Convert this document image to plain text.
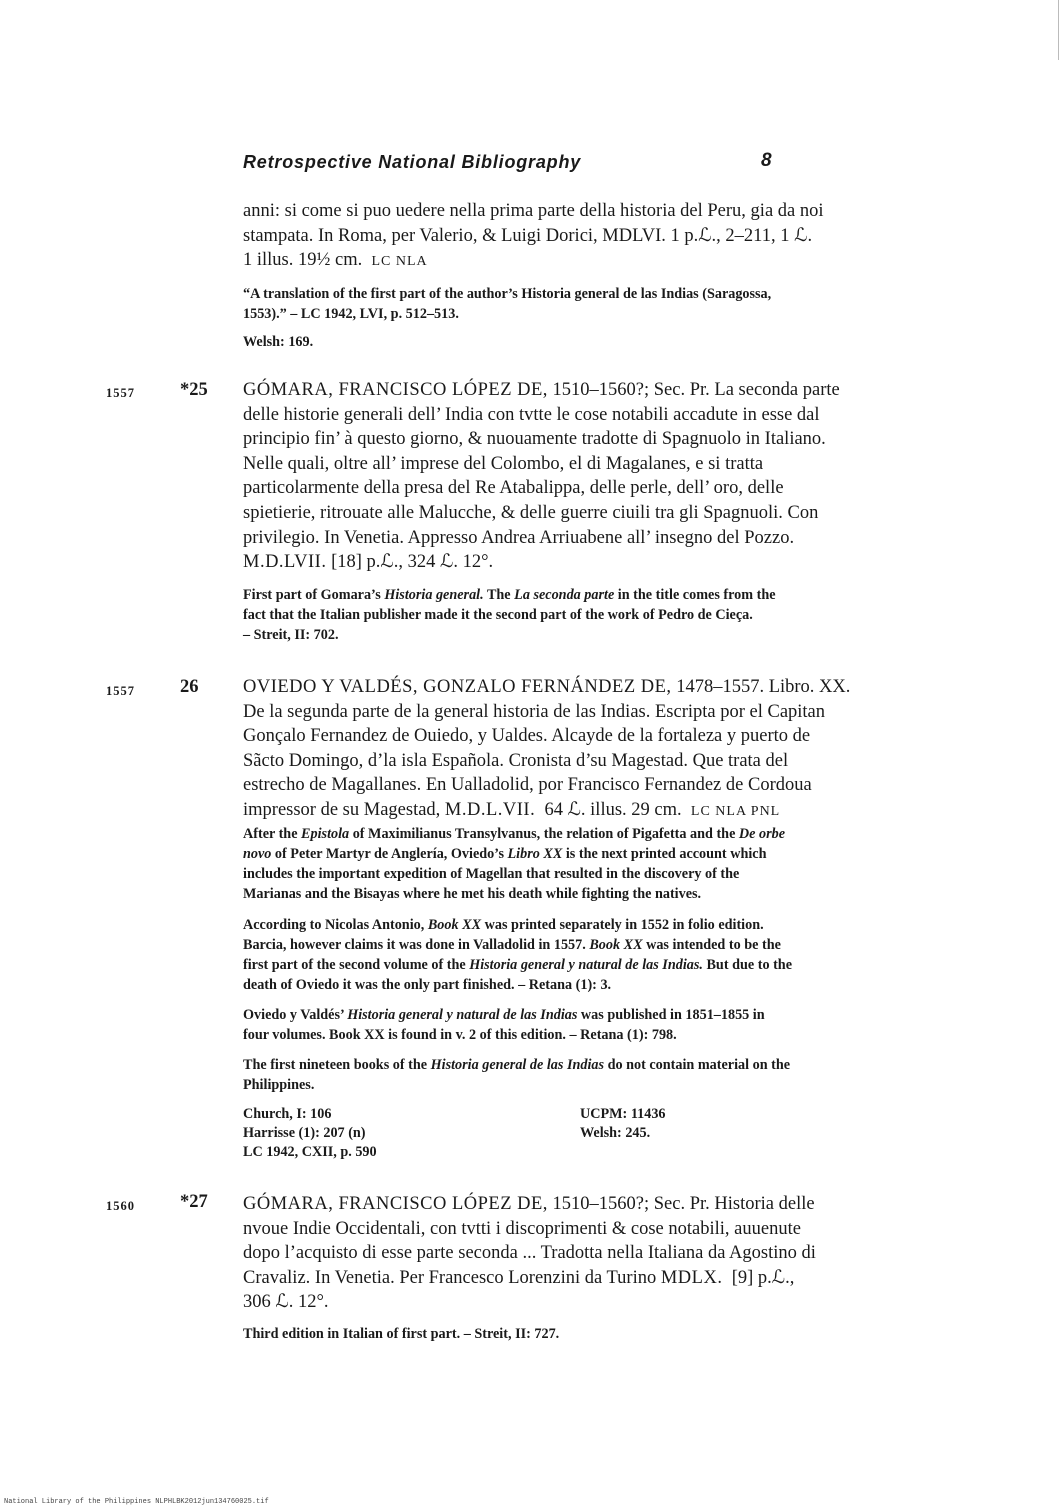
Retrospective National Bibliography	8
anni: si come si puo uedere nella prima parte della historia del Peru, gia da noi
stampata. In Roma, per Valerio, & Luigi Dorici, MDLVI. 1 p.ℒ., 2–211, 1 ℒ.
1 illus. 19½ cm. LC NLA
“A translation of the first part of the author’s Historia general de las Indias (Saragossa,
1553).” – LC 1942, LVI, p. 512–513.
Welsh: 169.
1557 *25 GÓMARA, FRANCISCO LÓPEZ DE, 1510–1560?; Sec. Pr. La seconda parte
delle historie generali dell’ India con tvtte le cose notabili accadute in esse dal
principio fin’ à questo giorno, & nuouamente tradotte di Spagnuolo in Italiano.
Nelle quali, oltre all’ imprese del Colombo, el di Magalanes, e si tratta
particolarmente della presa del Re Atabalippa, delle perle, dell’ oro, delle
spietierie, ritrouate alle Malucche, & delle guerre ciuili tra gli Spagnuoli. Con
privilegio. In Venetia. Appresso Andrea Arriuabene all’ insegno del Pozzo.
M.D.LVII. [18] p.ℒ., 324 ℒ. 12°.
First part of Gomara’s Historia general. The La seconda parte in the title comes from the
fact that the Italian publisher made it the second part of the work of Pedro de Cieça.
– Streit, II: 702.
1557 26 OVIEDO Y VALDÉS, GONZALO FERNÁNDEZ DE, 1478–1557. Libro. XX.
De la segunda parte de la general historia de las Indias. Escripta por el Capitan
Gonçalo Fernandez de Ouiedo, y Ualdes. Alcayde de la fortaleza y puerto de
Sãcto Domingo, d’la isla Española. Cronista d’su Magestad. Que trata del
estrecho de Magallanes. En Ualladolid, por Francisco Fernandez de Cordoua
impressor de su Magestad, M.D.L.VII. 64 ℒ. illus. 29 cm. LC NLA PNL
After the Epistola of Maximilianus Transylvanus, the relation of Pigafetta and the De orbe
novo of Peter Martyr de Anglería, Oviedo’s Libro XX is the next printed account which
includes the important expedition of Magellan that resulted in the discovery of the
Marianas and the Bisayas where he met his death while fighting the natives.
According to Nicolas Antonio, Book XX was printed separately in 1552 in folio edition.
Barcia, however claims it was done in Valladolid in 1557. Book XX was intended to be the
first part of the second volume of the Historia general y natural de las Indias. But due to the
death of Oviedo it was the only part finished. – Retana (1): 3.
Oviedo y Valdés’ Historia general y natural de las Indias was published in 1851–1855 in
four volumes. Book XX is found in v. 2 of this edition. – Retana (1): 798.
The first nineteen books of the Historia general de las Indias do not contain material on the
Philippines.
Church, I: 106
Harrisse (1): 207 (n)
LC 1942, CXII, p. 590
UCPM: 11436
Welsh: 245.
1560 *27 GÓMARA, FRANCISCO LÓPEZ DE, 1510–1560?; Sec. Pr. Historia delle
nvoue Indie Occidentali, con tvtti i discoprimenti & cose notabili, auuenute
dopo l’acquisto di esse parte seconda ... Tradotta nella Italiana da Agostino di
Cravaliz. In Venetia. Per Francesco Lorenzini da Turino MDLX. [9] p.ℒ.,
306 ℒ. 12°.
Third edition in Italian of first part. – Streit, II: 727.
National Library of the Philippines NLPHLBK2012jun134760025.tif
